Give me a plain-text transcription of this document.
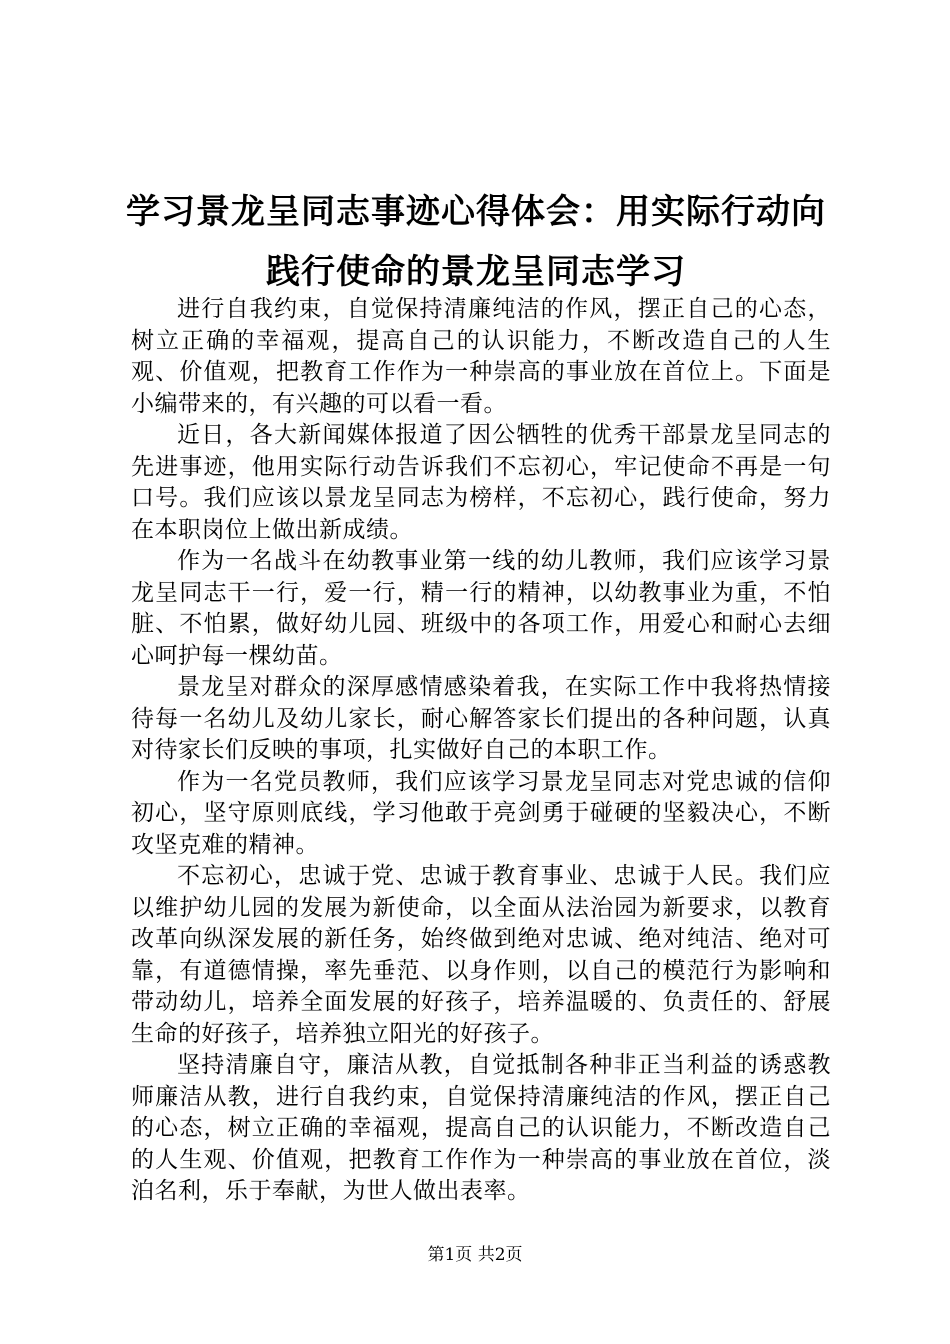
学习景龙呈同志事迹心得体会：用实际行动向践行使命的景龙呈同志学习

进行自我约束，自觉保持清廉纯洁的作风，摆正自己的心态，树立正确的幸福观，提高自己的认识能力，不断改造自己的人生观、价值观，把教育工作作为一种崇高的事业放在首位上。下面是小编带来的，有兴趣的可以看一看。

近日，各大新闻媒体报道了因公牺牲的优秀干部景龙呈同志的先进事迹，他用实际行动告诉我们不忘初心，牢记使命不再是一句口号。我们应该以景龙呈同志为榜样，不忘初心，践行使命，努力在本职岗位上做出新成绩。

作为一名战斗在幼教事业第一线的幼儿教师，我们应该学习景龙呈同志干一行，爱一行，精一行的精神，以幼教事业为重，不怕脏、不怕累，做好幼儿园、班级中的各项工作，用爱心和耐心去细心呵护每一棵幼苗。

景龙呈对群众的深厚感情感染着我，在实际工作中我将热情接待每一名幼儿及幼儿家长，耐心解答家长们提出的各种问题，认真对待家长们反映的事项，扎实做好自己的本职工作。

作为一名党员教师，我们应该学习景龙呈同志对党忠诚的信仰初心，坚守原则底线，学习他敢于亮剑勇于碰硬的坚毅决心，不断攻坚克难的精神。

不忘初心，忠诚于党、忠诚于教育事业、忠诚于人民。我们应以维护幼儿园的发展为新使命，以全面从法治园为新要求，以教育改革向纵深发展的新任务，始终做到绝对忠诚、绝对纯洁、绝对可靠，有道德情操，率先垂范、以身作则，以自己的模范行为影响和带动幼儿，培养全面发展的好孩子，培养温暖的、负责任的、舒展生命的好孩子，培养独立阳光的好孩子。

坚持清廉自守，廉洁从教，自觉抵制各种非正当利益的诱惑教师廉洁从教，进行自我约束，自觉保持清廉纯洁的作风，摆正自己的心态，树立正确的幸福观，提高自己的认识能力，不断改造自己的人生观、价值观，把教育工作作为一种崇高的事业放在首位，淡泊名利，乐于奉献，为世人做出表率。

第1页 共2页
